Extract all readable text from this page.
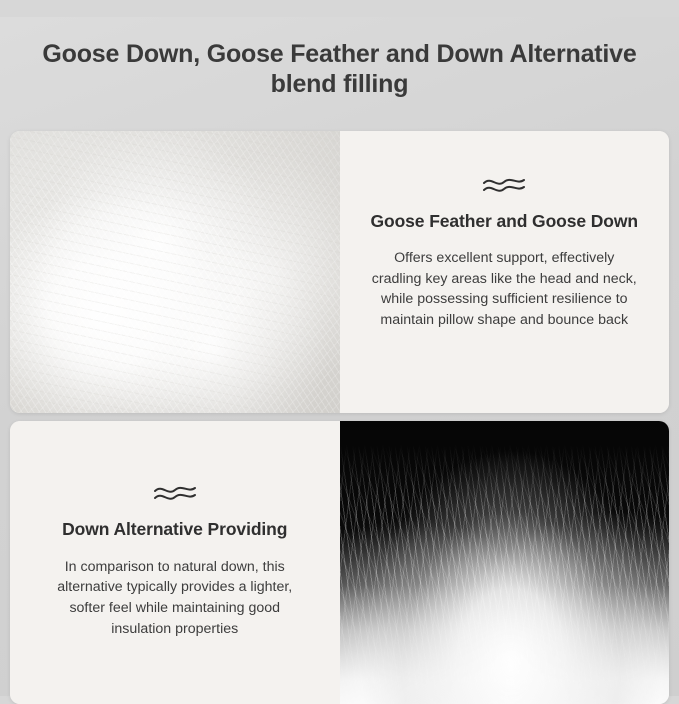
Goose Down, Goose Feather and Down Alternative blend filling
Goose Feather and Goose Down
Offers excellent support, effectively cradling key areas like the head and neck, while possessing sufficient resilience to maintain pillow shape and bounce back
Down Alternative Providing
In comparison to natural down, this alternative typically provides a lighter, softer feel while maintaining good insulation properties
